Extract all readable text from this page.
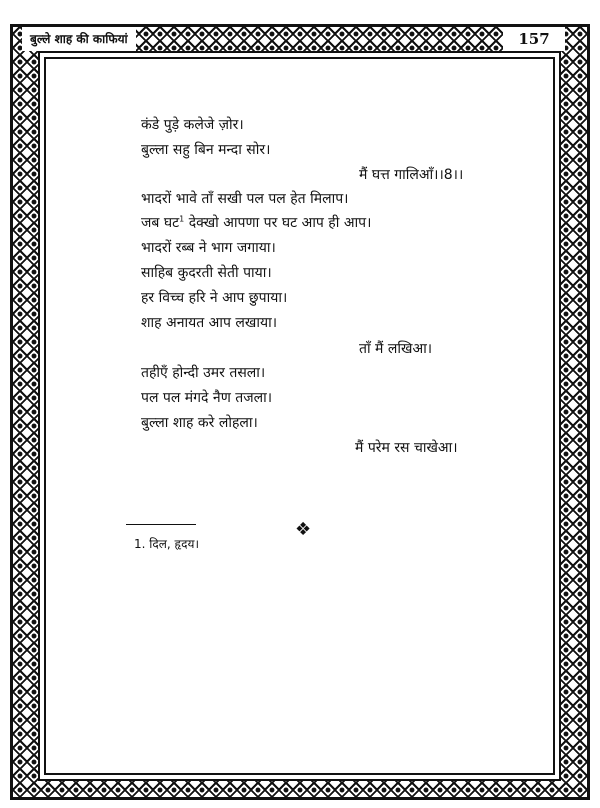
बुल्ले शाह की काफियां	157

कंडे पुड़े कलेजे ज़ोर।

बुल्ला सहु बिन मन्दा सोर।

मैं घत्त गालिआँ।।8।।

भादरों भावे ताँ सखी पल पल हेत मिलाप।

जब घट$^1$ देक्खो आपणा पर घट आप ही आप।

भादरों रब्ब ने भाग जगाया।

साहिब कुदरती सेती पाया।

हर विच्च हरि ने आप छुपाया।

शाह अनायत आप लखाया।

ताँ मैं लखिआ।

तहीएँ होन्दी उमर तसला।

पल पल मंगदे नैण तजला।

बुल्ला शाह करे लोहला।

मैं परेम रस चाखेआ।

❖
1. दिल, हृदय।
